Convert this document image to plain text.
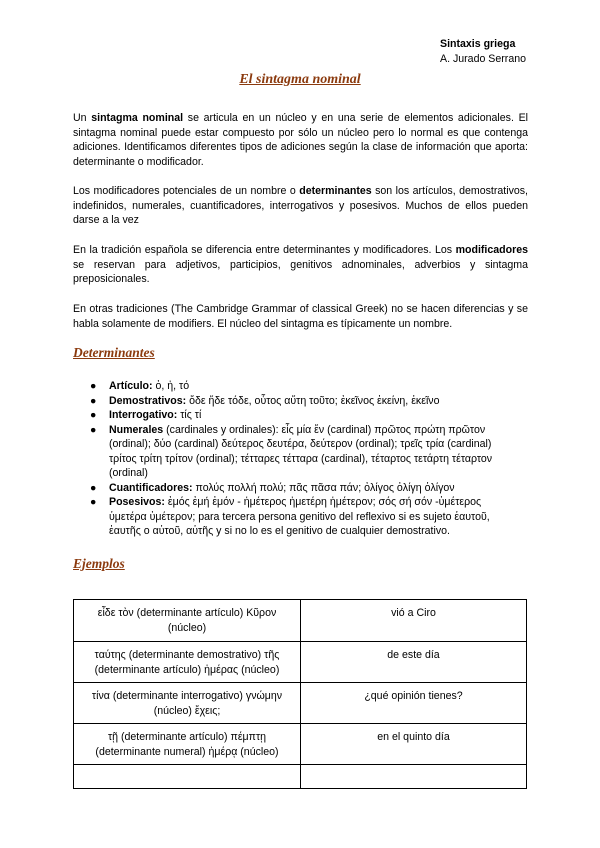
Sintaxis griega
A. Jurado Serrano
El sintagma nominal
Un sintagma nominal se articula en un núcleo y en una serie de elementos adicionales. El sintagma nominal puede estar compuesto por sólo un núcleo pero lo normal es que contenga adiciones. Identificamos diferentes tipos de adiciones según la clase de información que aporta: determinante o modificador.
Los modificadores potenciales de un nombre o determinantes son los artículos, demostrativos, indefinidos, numerales, cuantificadores, interrogativos y posesivos. Muchos de ellos pueden darse a la vez
En la tradición española se diferencia entre determinantes y modificadores. Los modificadores se reservan para adjetivos, participios, genitivos adnominales, adverbios y sintagma preposicionales.
En otras tradiciones (The Cambridge Grammar of classical Greek) no se hacen diferencias y se habla solamente de modifiers. El núcleo del sintagma es típicamente un nombre.
Determinantes
● Artículo: ὁ, ἡ, τό
● Demostrativos: ὅδε ἥδε τόδε, οὗτος αὕτη τοῦτο; ἐκεῖνος ἐκείνη, ἐκεῖνο
● Interrogativo: τίς τί
● Numerales (cardinales y ordinales): εἷς μία ἕν (cardinal) πρῶτος πρώτη πρῶτον (ordinal); δύο (cardinal) δεύτερος δευτέρα, δεύτερον (ordinal); τρεῖς τρία (cardinal) τρίτος τρίτη τρίτον (ordinal); τέτταρες τέτταρα (cardinal), τέταρτος τετάρτη τέταρτον (ordinal)
● Cuantificadores: πολύς πολλή πολύ; πᾶς πᾶσα πάν; ὀλίγος ὀλίγη ὀλίγον
● Posesivos: ἐμός ἐμή ἐμόν - ἡμέτερος ἡμετέρη ἡμέτερον; σός σή σόν -ὑμέτερος ὑμετέρα ὑμέτερον; para tercera persona genitivo del reflexivo si es sujeto ἑαυτοῦ, ἑαυτῆς ο αὑτοῦ, αὑτῆς y si no lo es el genitivo de cualquier demostrativo.
Ejemplos
εἶδε τὸν (determinante artículo) Κῦρον (núcleo)	vió a Ciro
ταύτης (determinante demostrativo) τῆς (determinante artículo) ἡμέρας (núcleo)	de este día
τίνα (determinante interrogativo) γνώμην (núcleo) ἔχεις;	¿qué opinión tienes?
τῇ (determinante artículo) πέμπτῃ (determinante numeral) ἡμέρᾳ (núcleo)	en el quinto día
